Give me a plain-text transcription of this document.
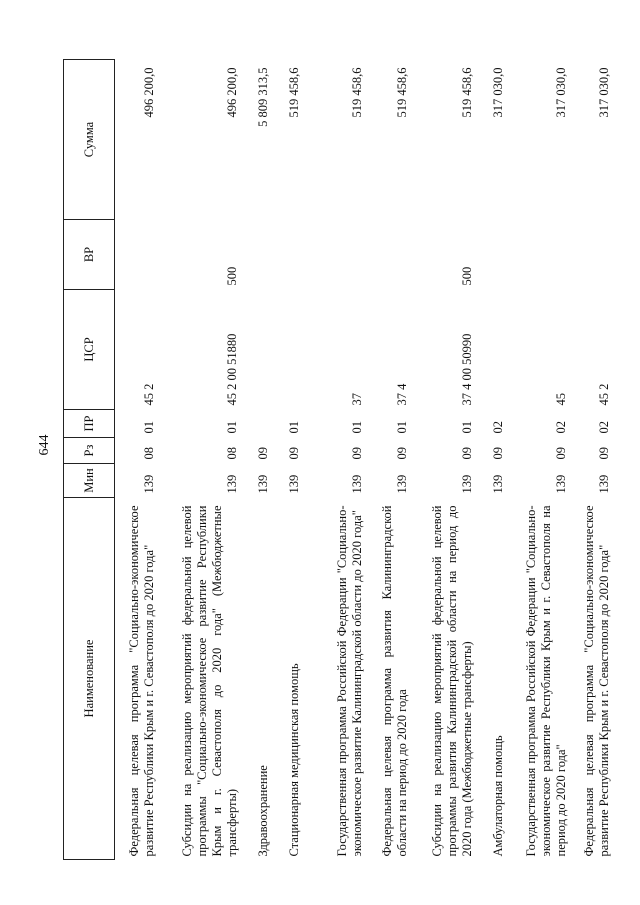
644
Наименование	Мин	Рз	ПР	ЦСР	ВР	Сумма
Федеральная целевая программа "Социально-экономическое развитие Республики Крым и г. Севастополя до 2020 года"	139	08	01	45 2		496 200,0
Субсидии на реализацию мероприятий федеральной целевой программы "Социально-экономическое развитие Республики Крым и г. Севастополя до 2020 года" (Межбюджетные трансферты)	139	08	01	45 2 00 51880	500	496 200,0
Здравоохранение	139	09				5 809 313,5
Стационарная медицинская помощь	139	09	01			519 458,6
Государственная программа Российской Федерации "Социально-экономическое развитие Калининградской области до 2020 года"	139	09	01	37		519 458,6
Федеральная целевая программа развития Калининградской области на период до 2020 года	139	09	01	37 4		519 458,6
Субсидии на реализацию мероприятий федеральной целевой программы развития Калининградской области на период до 2020 года (Межбюджетные трансферты)	139	09	01	37 4 00 50990	500	519 458,6
Амбулаторная помощь	139	09	02			317 030,0
Государственная программа Российской Федерации "Социально-экономическое развитие Республики Крым и г. Севастополя на период до 2020 года"	139	09	02	45		317 030,0
Федеральная целевая программа "Социально-экономическое развитие Республики Крым и г. Севастополя до 2020 года"	139	09	02	45 2		317 030,0
